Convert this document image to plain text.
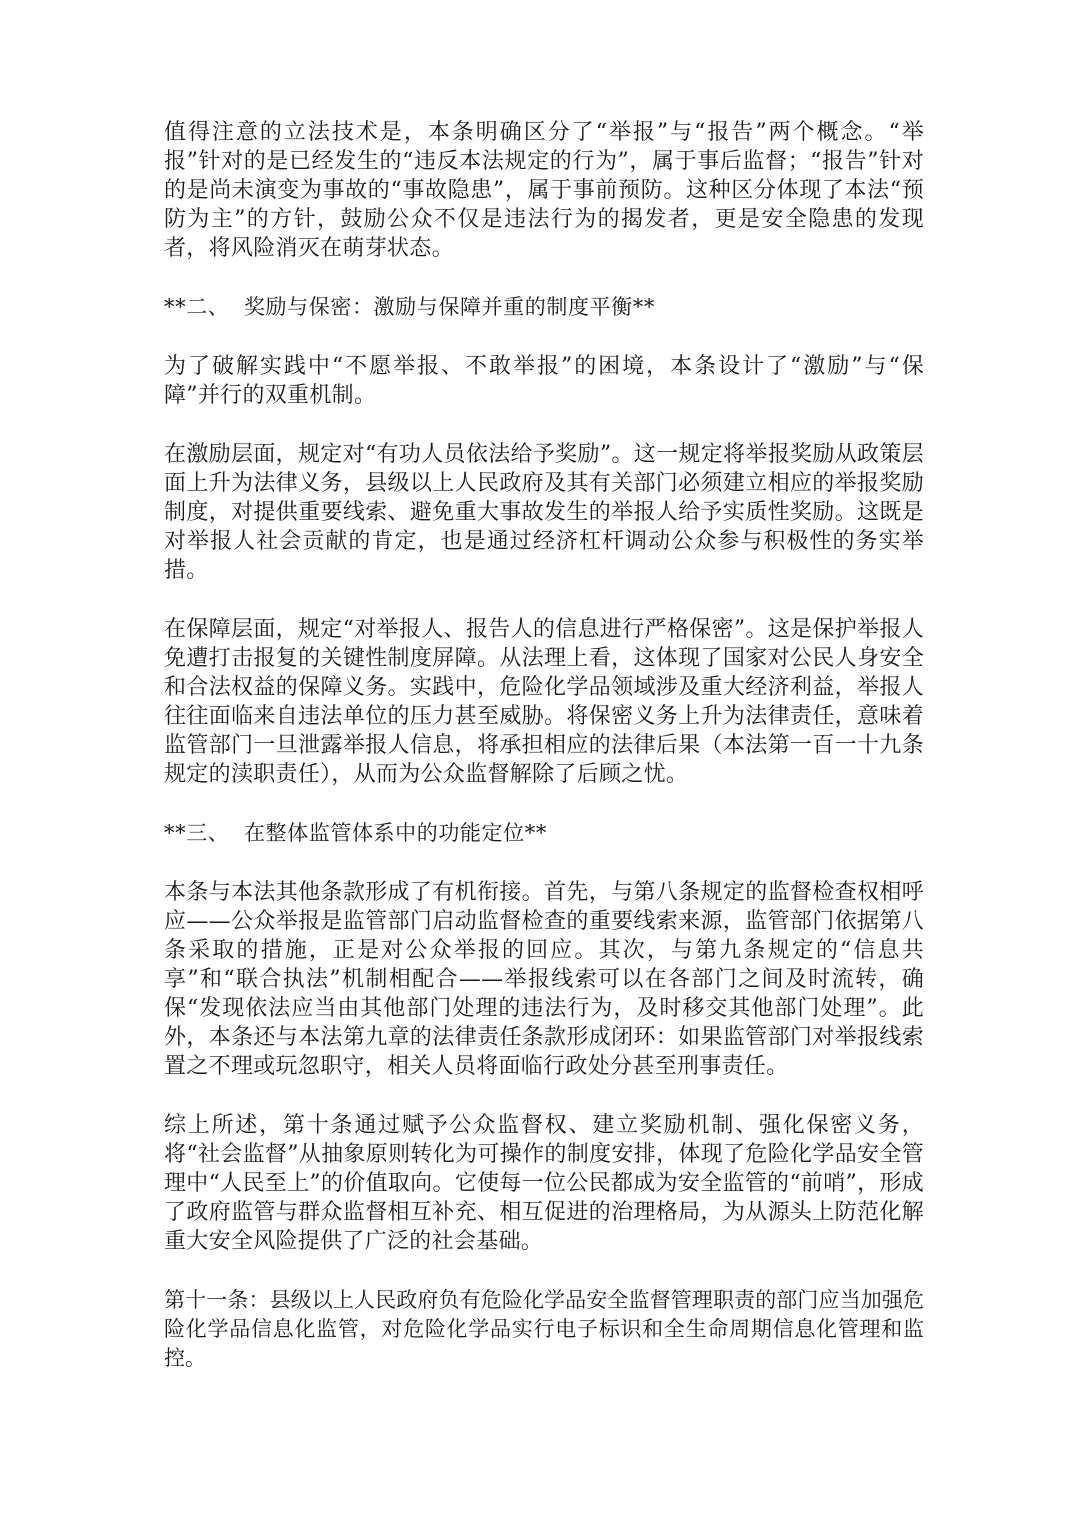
值得注意的立法技术是，本条明确区分了“举报”与“报告”两个概念。“举报”针对的是已经发生的“违反本法规定的行为”，属于事后监督；“报告”针对的是尚未演变为事故的“事故隐患”，属于事前预防。这种区分体现了本法“预防为主”的方针，鼓励公众不仅是违法行为的揭发者，更是安全隐患的发现者，将风险消灭在萌芽状态。

**二、  奖励与保密：激励与保障并重的制度平衡**

为了破解实践中“不愿举报、不敢举报”的困境，本条设计了“激励”与“保障”并行的双重机制。

在激励层面，规定对“有功人员依法给予奖励”。这一规定将举报奖励从政策层面上升为法律义务，县级以上人民政府及其有关部门必须建立相应的举报奖励制度，对提供重要线索、避免重大事故发生的举报人给予实质性奖励。这既是对举报人社会贡献的肯定，也是通过经济杠杆调动公众参与积极性的务实举措。

在保障层面，规定“对举报人、报告人的信息进行严格保密”。这是保护举报人免遭打击报复的关键性制度屏障。从法理上看，这体现了国家对公民人身安全和合法权益的保障义务。实践中，危险化学品领域涉及重大经济利益，举报人往往面临来自违法单位的压力甚至威胁。将保密义务上升为法律责任，意味着监管部门一旦泄露举报人信息，将承担相应的法律后果（本法第一百一十九条规定的渎职责任），从而为公众监督解除了后顾之忧。

**三、  在整体监管体系中的功能定位**

本条与本法其他条款形成了有机衔接。首先，与第八条规定的监督检查权相呼应——公众举报是监管部门启动监督检查的重要线索来源，监管部门依据第八条采取的措施，正是对公众举报的回应。其次，与第九条规定的“信息共享”和“联合执法”机制相配合——举报线索可以在各部门之间及时流转，确保“发现依法应当由其他部门处理的违法行为，及时移交其他部门处理”。此外，本条还与本法第九章的法律责任条款形成闭环：如果监管部门对举报线索置之不理或玩忽职守，相关人员将面临行政处分甚至刑事责任。

综上所述，第十条通过赋予公众监督权、建立奖励机制、强化保密义务，将“社会监督”从抽象原则转化为可操作的制度安排，体现了危险化学品安全管理中“人民至上”的价值取向。它使每一位公民都成为安全监管的“前哨”，形成了政府监管与群众监督相互补充、相互促进的治理格局，为从源头上防范化解重大安全风险提供了广泛的社会基础。

第十一条：县级以上人民政府负有危险化学品安全监督管理职责的部门应当加强危险化学品信息化监管，对危险化学品实行电子标识和全生命周期信息化管理和监控。
